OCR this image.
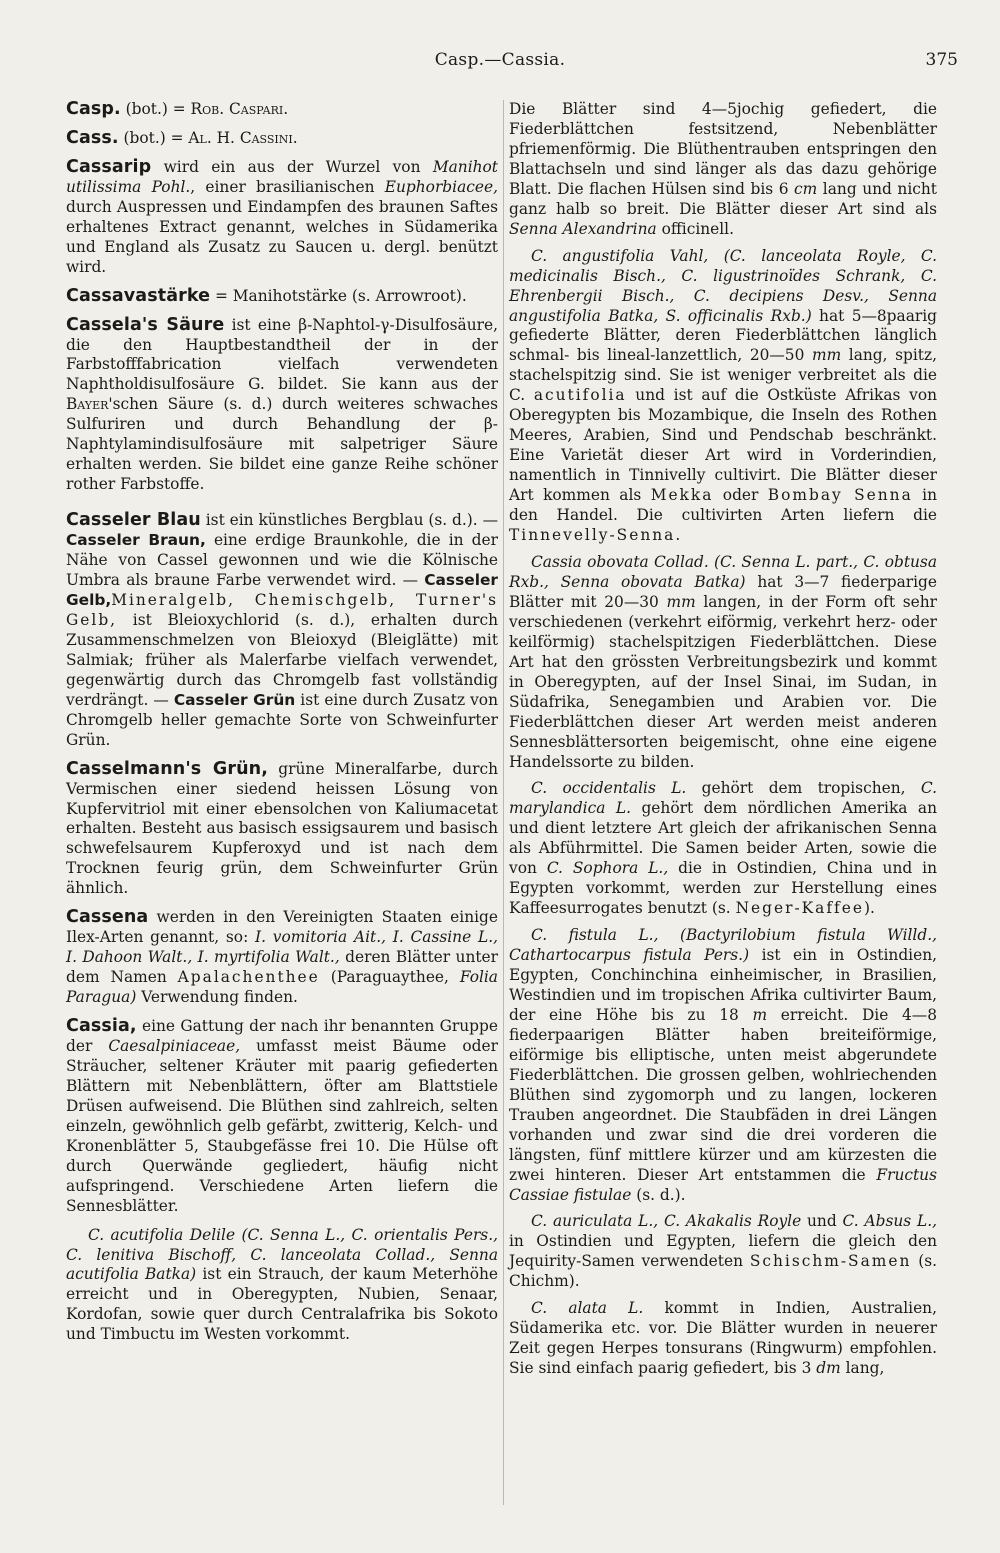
Casp.—Cassia.	375

Casp. (bot.) = Rob. Caspari.

Cass. (bot.) = Al. H. Cassini.

Cassarip wird ein aus der Wurzel von Manihot utilissima Pohl., einer brasilianischen Euphorbiacee, durch Auspressen und Eindampfen des braunen Saftes erhaltenes Extract genannt, welches in Südamerika und England als Zusatz zu Saucen u. dergl. benützt wird.

Cassavastärke = Manihotstärke (s. Arrowroot).

Cassela's Säure ist eine β-Naphtol-γ-Disulfosäure, die den Hauptbestandtheil der in der Farbstofffabrication vielfach verwendeten Naphtholdisulfosäure G. bildet. Sie kann aus der Bayer'schen Säure (s. d.) durch weiteres schwaches Sulfuriren und durch Behandlung der β-Naphtylamindisulfosäure mit salpetriger Säure erhalten werden. Sie bildet eine ganze Reihe schöner rother Farbstoffe.

Casseler Blau ist ein künstliches Bergblau (s. d.). — Casseler Braun, eine erdige Braunkohle, die in der Nähe von Cassel gewonnen und wie die Kölnische Umbra als braune Farbe verwendet wird. — Casseler Gelb,Mineralgelb, Chemischgelb, Turner's Gelb, ist Bleioxychlorid (s. d.), erhalten durch Zusammenschmelzen von Bleioxyd (Bleiglätte) mit Salmiak; früher als Malerfarbe vielfach verwendet, gegenwärtig durch das Chromgelb fast vollständig verdrängt. — Casseler Grün ist eine durch Zusatz von Chromgelb heller gemachte Sorte von Schweinfurter Grün.

Casselmann's Grün, grüne Mineralfarbe, durch Vermischen einer siedend heissen Lösung von Kupfervitriol mit einer ebensolchen von Kaliumacetat erhalten. Besteht aus basisch essigsaurem und basisch schwefelsaurem Kupferoxyd und ist nach dem Trocknen feurig grün, dem Schweinfurter Grün ähnlich.

Cassena werden in den Vereinigten Staaten einige Ilex-Arten genannt, so: I. vomitoria Ait., I. Cassine L., I. Dahoon Walt., I. myrtifolia Walt., deren Blätter unter dem Namen Apalachenthee (Paraguaythee, Folia Paragua) Verwendung finden.

Cassia, eine Gattung der nach ihr benannten Gruppe der Caesalpiniaceae, umfasst meist Bäume oder Sträucher, seltener Kräuter mit paarig gefiederten Blättern mit Nebenblättern, öfter am Blattstiele Drüsen aufweisend. Die Blüthen sind zahlreich, selten einzeln, gewöhnlich gelb gefärbt, zwitterig, Kelch- und Kronenblätter 5, Staubgefässe frei 10. Die Hülse oft durch Querwände gegliedert, häufig nicht aufspringend. Verschiedene Arten liefern die Sennesblätter.

C. acutifolia Delile (C. Senna L., C. orientalis Pers., C. lenitiva Bischoff, C. lanceolata Collad., Senna acutifolia Batka) ist ein Strauch, der kaum Meterhöhe erreicht und in Oberegypten, Nubien, Senaar, Kordofan, sowie quer durch Centralafrika bis Sokoto und Timbuctu im Westen vorkommt.

Die Blätter sind 4—5jochig gefiedert, die Fiederblättchen festsitzend, Nebenblätter pfriemenförmig. Die Blüthentrauben entspringen den Blattachseln und sind länger als das dazu gehörige Blatt. Die flachen Hülsen sind bis 6 cm lang und nicht ganz halb so breit. Die Blätter dieser Art sind als Senna Alexandrina officinell.

C. angustifolia Vahl, (C. lanceolata Royle, C. medicinalis Bisch., C. ligustrinoïdes Schrank, C. Ehrenbergii Bisch., C. decipiens Desv., Senna angustifolia Batka, S. officinalis Rxb.) hat 5—8paarig gefiederte Blätter, deren Fiederblättchen länglich schmal- bis lineal-lanzettlich, 20—50 mm lang, spitz, stachelspitzig sind. Sie ist weniger verbreitet als die C. acutifolia und ist auf die Ostküste Afrikas von Oberegypten bis Mozambique, die Inseln des Rothen Meeres, Arabien, Sind und Pendschab beschränkt. Eine Varietät dieser Art wird in Vorderindien, namentlich in Tinnivelly cultivirt. Die Blätter dieser Art kommen als Mekka oder Bombay Senna in den Handel. Die cultivirten Arten liefern die Tinnevelly-Senna.

Cassia obovata Collad. (C. Senna L. part., C. obtusa Rxb., Senna obovata Batka) hat 3—7 fiederparige Blätter mit 20—30 mm langen, in der Form oft sehr verschiedenen (verkehrt eiförmig, verkehrt herz- oder keilförmig) stachelspitzigen Fiederblättchen. Diese Art hat den grössten Verbreitungsbezirk und kommt in Oberegypten, auf der Insel Sinai, im Sudan, in Südafrika, Senegambien und Arabien vor. Die Fiederblättchen dieser Art werden meist anderen Sennesblättersorten beigemischt, ohne eine eigene Handelssorte zu bilden.

C. occidentalis L. gehört dem tropischen, C. marylandica L. gehört dem nördlichen Amerika an und dient letztere Art gleich der afrikanischen Senna als Abführmittel. Die Samen beider Arten, sowie die von C. Sophora L., die in Ostindien, China und in Egypten vorkommt, werden zur Herstellung eines Kaffeesurrogates benutzt (s. Neger-Kaffee).

C. fistula L., (Bactyrilobium fistula Willd., Cathartocarpus fistula Pers.) ist ein in Ostindien, Egypten, Conchinchina einheimischer, in Brasilien, Westindien und im tropischen Afrika cultivirter Baum, der eine Höhe bis zu 18 m erreicht. Die 4—8 fiederpaarigen Blätter haben breiteiförmige, eiförmige bis elliptische, unten meist abgerundete Fiederblättchen. Die grossen gelben, wohlriechenden Blüthen sind zygomorph und zu langen, lockeren Trauben angeordnet. Die Staubfäden in drei Längen vorhanden und zwar sind die drei vorderen die längsten, fünf mittlere kürzer und am kürzesten die zwei hinteren. Dieser Art entstammen die Fructus Cassiae fistulae (s. d.).

C. auriculata L., C. Akakalis Royle und C. Absus L., in Ostindien und Egypten, liefern die gleich den Jequirity-Samen verwendeten Schischm-Samen (s. Chichm).

C. alata L. kommt in Indien, Australien, Südamerika etc. vor. Die Blätter wurden in neuerer Zeit gegen Herpes tonsurans (Ringwurm) empfohlen. Sie sind einfach paarig gefiedert, bis 3 dm lang,
